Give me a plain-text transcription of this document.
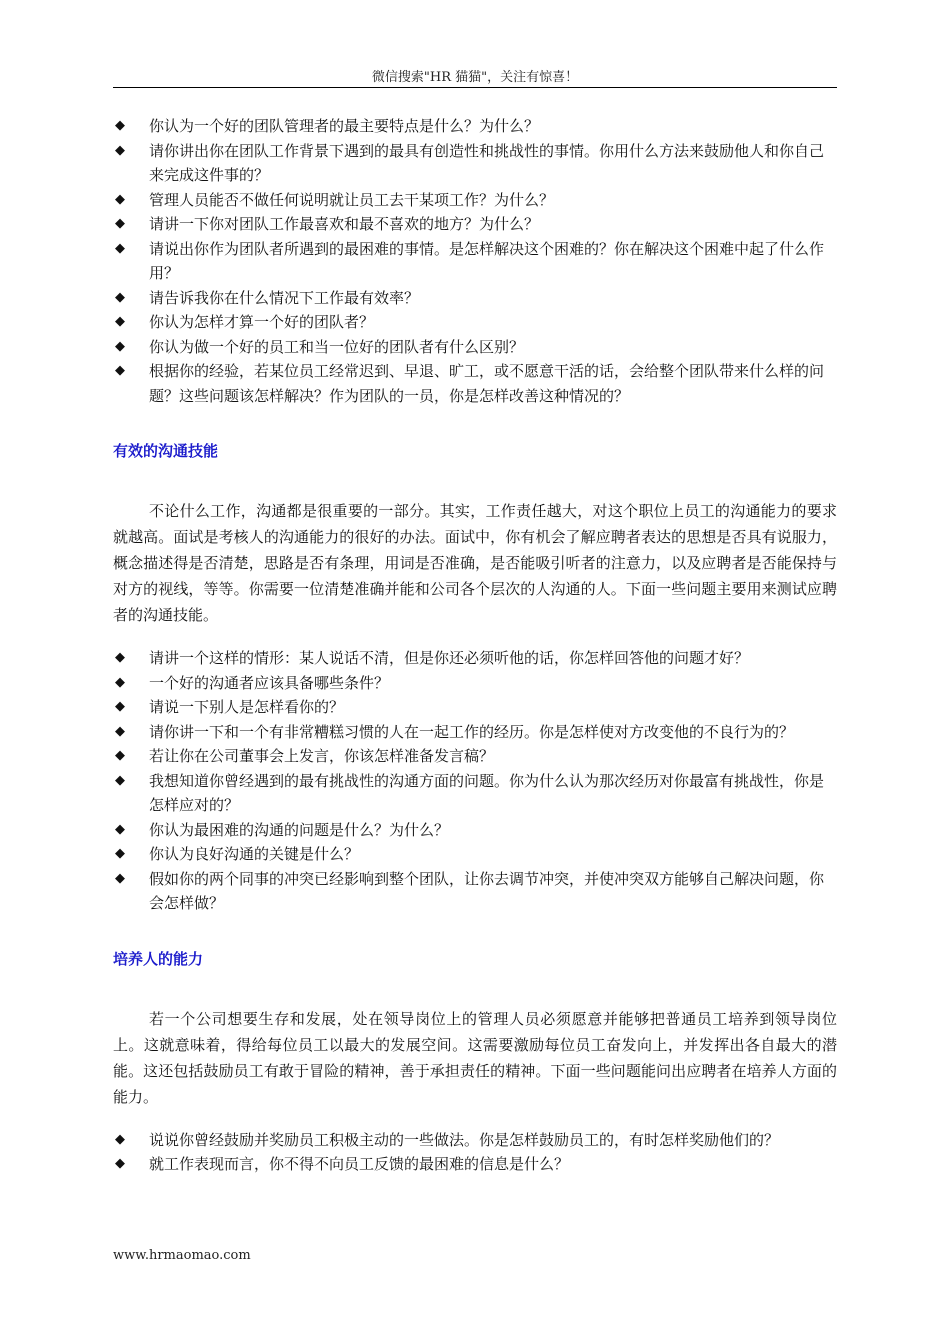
微信搜索"HR 猫猫"，关注有惊喜！
◆ 你认为一个好的团队管理者的最主要特点是什么？为什么？
◆ 请你讲出你在团队工作背景下遇到的最具有创造性和挑战性的事情。你用什么方法来鼓励他人和你自己来完成这件事的？
◆ 管理人员能否不做任何说明就让员工去干某项工作？为什么？
◆ 请讲一下你对团队工作最喜欢和最不喜欢的地方？为什么？
◆ 请说出你作为团队者所遇到的最困难的事情。是怎样解决这个困难的？你在解决这个困难中起了什么作用？
◆ 请告诉我你在什么情况下工作最有效率？
◆ 你认为怎样才算一个好的团队者？
◆ 你认为做一个好的员工和当一位好的团队者有什么区别？
◆ 根据你的经验，若某位员工经常迟到、早退、旷工，或不愿意干活的话，会给整个团队带来什么样的问题？这些问题该怎样解决？作为团队的一员，你是怎样改善这种情况的？
有效的沟通技能

不论什么工作，沟通都是很重要的一部分。其实，工作责任越大，对这个职位上员工的沟通能力的要求就越高。面试是考核人的沟通能力的很好的办法。面试中，你有机会了解应聘者表达的思想是否具有说服力，概念描述得是否清楚，思路是否有条理，用词是否准确，是否能吸引听者的注意力，以及应聘者是否能保持与对方的视线，等等。你需要一位清楚准确并能和公司各个层次的人沟通的人。下面一些问题主要用来测试应聘者的沟通技能。

◆ 请讲一个这样的情形：某人说话不清，但是你还必须听他的话，你怎样回答他的问题才好？
◆ 一个好的沟通者应该具备哪些条件？
◆ 请说一下别人是怎样看你的？
◆ 请你讲一下和一个有非常糟糕习惯的人在一起工作的经历。你是怎样使对方改变他的不良行为的？
◆ 若让你在公司董事会上发言，你该怎样准备发言稿？
◆ 我想知道你曾经遇到的最有挑战性的沟通方面的问题。你为什么认为那次经历对你最富有挑战性，你是怎样应对的？
◆ 你认为最困难的沟通的问题是什么？为什么？
◆ 你认为良好沟通的关键是什么？
◆ 假如你的两个同事的冲突已经影响到整个团队，让你去调节冲突，并使冲突双方能够自己解决问题，你会怎样做？
培养人的能力

若一个公司想要生存和发展，处在领导岗位上的管理人员必须愿意并能够把普通员工培养到领导岗位上。这就意味着，得给每位员工以最大的发展空间。这需要激励每位员工奋发向上，并发挥出各自最大的潜能。这还包括鼓励员工有敢于冒险的精神，善于承担责任的精神。下面一些问题能问出应聘者在培养人方面的能力。

◆ 说说你曾经鼓励并奖励员工积极主动的一些做法。你是怎样鼓励员工的，有时怎样奖励他们的？
◆ 就工作表现而言，你不得不向员工反馈的最困难的信息是什么？
www.hrmaomao.com
